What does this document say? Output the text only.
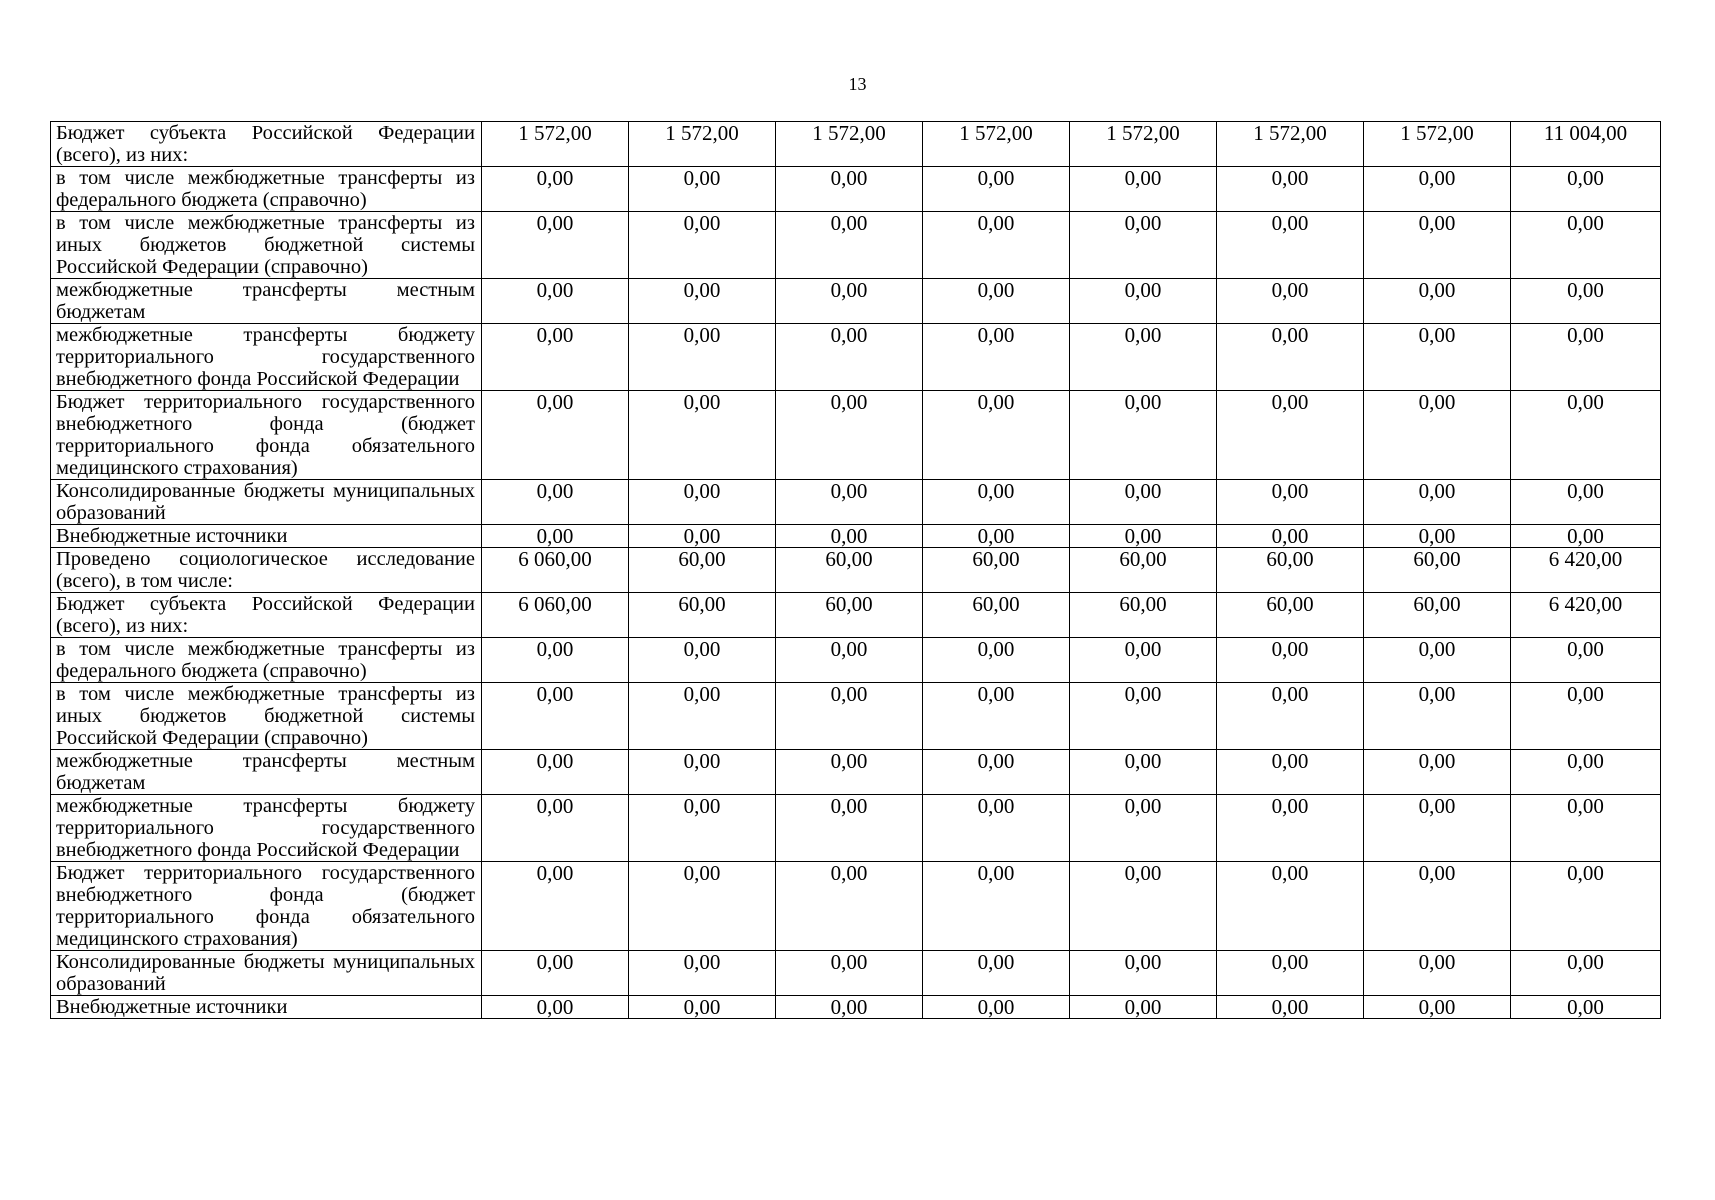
13
Бюджет субъекта Российской Федерации (всего), из них:	1 572,00	1 572,00	1 572,00	1 572,00	1 572,00	1 572,00	1 572,00	11 004,00
в том числе межбюджетные трансферты из федерального бюджета (справочно)	0,00	0,00	0,00	0,00	0,00	0,00	0,00	0,00
в том числе межбюджетные трансферты из иных бюджетов бюджетной системы Российской Федерации (справочно)	0,00	0,00	0,00	0,00	0,00	0,00	0,00	0,00
межбюджетные трансферты местным бюджетам	0,00	0,00	0,00	0,00	0,00	0,00	0,00	0,00
межбюджетные трансферты бюджету территориального государственного внебюджетного фонда Российской Федерации	0,00	0,00	0,00	0,00	0,00	0,00	0,00	0,00
Бюджет территориального государственного внебюджетного фонда (бюджет территориального фонда обязательного медицинского страхования)	0,00	0,00	0,00	0,00	0,00	0,00	0,00	0,00
Консолидированные бюджеты муниципальных образований	0,00	0,00	0,00	0,00	0,00	0,00	0,00	0,00
Внебюджетные источники	0,00	0,00	0,00	0,00	0,00	0,00	0,00	0,00
Проведено социологическое исследование (всего), в том числе:	6 060,00	60,00	60,00	60,00	60,00	60,00	60,00	6 420,00
Бюджет субъекта Российской Федерации (всего), из них:	6 060,00	60,00	60,00	60,00	60,00	60,00	60,00	6 420,00
в том числе межбюджетные трансферты из федерального бюджета (справочно)	0,00	0,00	0,00	0,00	0,00	0,00	0,00	0,00
в том числе межбюджетные трансферты из иных бюджетов бюджетной системы Российской Федерации (справочно)	0,00	0,00	0,00	0,00	0,00	0,00	0,00	0,00
межбюджетные трансферты местным бюджетам	0,00	0,00	0,00	0,00	0,00	0,00	0,00	0,00
межбюджетные трансферты бюджету территориального государственного внебюджетного фонда Российской Федерации	0,00	0,00	0,00	0,00	0,00	0,00	0,00	0,00
Бюджет территориального государственного внебюджетного фонда (бюджет территориального фонда обязательного медицинского страхования)	0,00	0,00	0,00	0,00	0,00	0,00	0,00	0,00
Консолидированные бюджеты муниципальных образований	0,00	0,00	0,00	0,00	0,00	0,00	0,00	0,00
Внебюджетные источники	0,00	0,00	0,00	0,00	0,00	0,00	0,00	0,00
